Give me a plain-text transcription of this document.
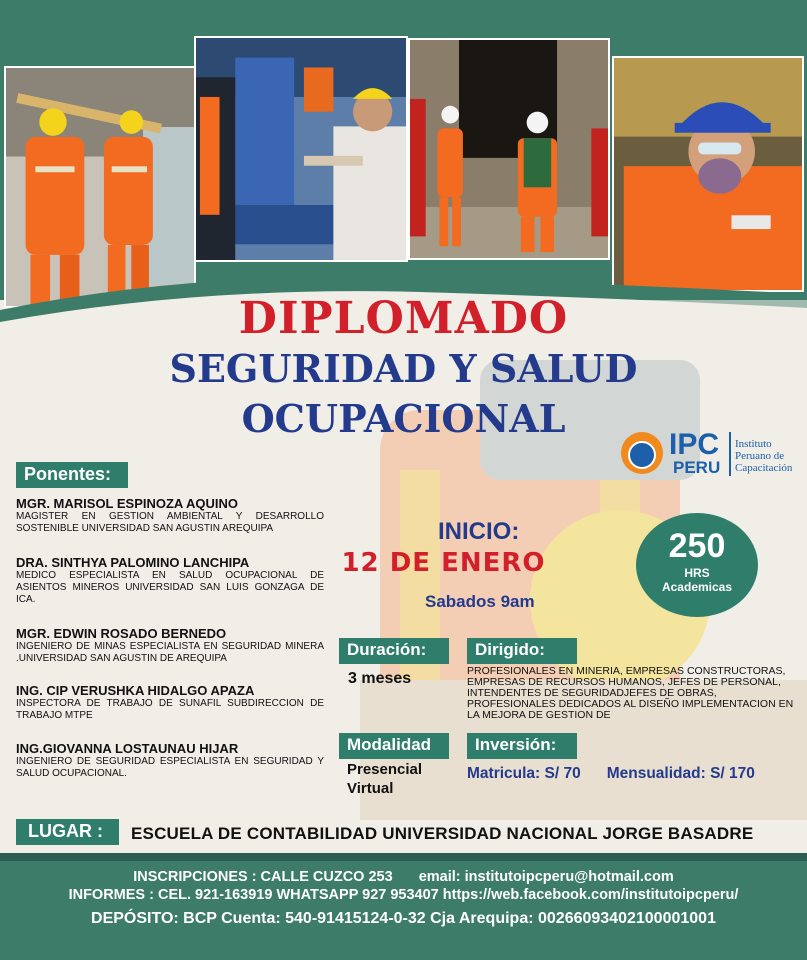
DIPLOMADO
SEGURIDAD Y SALUD
OCUPACIONAL
IPC
PERU
Instituto Peruano de Capacitación
Ponentes:
MGR. MARISOL ESPINOZA AQUINO
MAGISTER EN GESTION AMBIENTAL Y DESARROLLO SOSTENIBLE UNIVERSIDAD SAN AGUSTIN AREQUIPA
DRA. SINTHYA PALOMINO LANCHIPA
MEDICO ESPECIALISTA EN SALUD OCUPACIONAL DE ASIENTOS MINEROS UNIVERSIDAD SAN LUIS GONZAGA DE ICA.
MGR. EDWIN ROSADO BERNEDO
INGENIERO DE MINAS ESPECIALISTA EN SEGURIDAD MINERA .UNIVERSIDAD SAN AGUSTIN DE AREQUIPA
ING. CIP VERUSHKA HIDALGO APAZA
INSPECTORA DE TRABAJO DE SUNAFIL SUBDIRECCION DE TRABAJO MTPE
ING.GIOVANNA LOSTAUNAU HIJAR
INGENIERO DE SEGURIDAD ESPECIALISTA EN SEGURIDAD Y SALUD OCUPACIONAL.
INICIO:
12 DE ENERO
Sabados 9am
250
HRS
Academicas
Duración:	Dirigido:
3 meses	PROFESIONALES EN MINERIA, EMPRESAS CONSTRUCTORAS, EMPRESAS DE RECURSOS HUMANOS, JEFES DE PERSONAL, INTENDENTES DE SEGURIDADJEFES DE OBRAS, PROFESIONALES DEDICADOS AL DISEÑO IMPLEMENTACION EN LA MEJORA DE GESTION DE
Modalidad	Inversión:
Presencial
Virtual
Matricula: S/ 70 Mensualidad: S/ 170
LUGAR :	ESCUELA DE CONTABILIDAD UNIVERSIDAD NACIONAL JORGE BASADRE
INSCRIPCIONES : CALLE CUZCO 253 email: institutoipcperu@hotmail.com
INFORMES : CEL. 921-163919 WHATSAPP 927 953407 https://web.facebook.com/institutoipcperu/
DEPÓSITO: BCP Cuenta: 540-91415124-0-32 Cja Arequipa: 00266093402100001001
